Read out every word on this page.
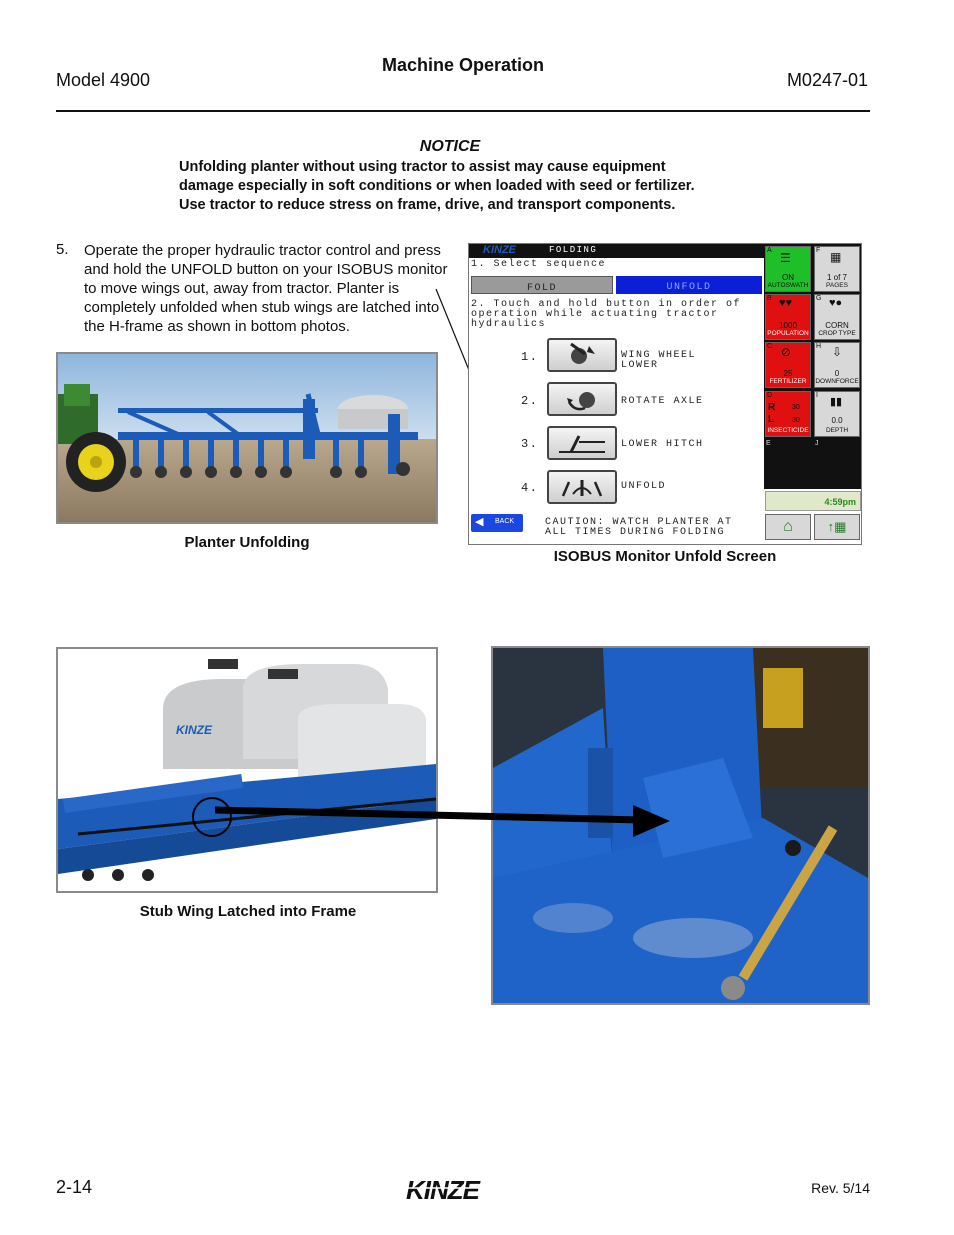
Model 4900
Machine Operation
M0247-01
NOTICE
Unfolding planter without using tractor to assist may cause equipment damage especially in soft conditions or when loaded with seed or fertilizer. Use tractor to reduce stress on frame, drive, and transport components.
5. Operate the proper hydraulic tractor control and press and hold the UNFOLD button on your ISOBUS monitor to move wings out, away from tractor. Planter is completely unfolded when stub wings are latched into the H-frame as shown in bottom photos.
Planter Unfolding
KINZE	FOLDING
1. Select sequence
FOLD	UNFOLD
2. Touch and hold button in order of
operation while actuating tractor
hydraulics
1.	WING WHEEL
LOWER
2.	ROTATE AXLE
3.	LOWER HITCH
4.	UNFOLD
◀ BACK	CAUTION: WATCH PLANTER AT
ALL TIMES DURING FOLDING
A
☰
ON
AUTOSWATH
F ▦
1 of 7
PAGES
B ♥♥
1000
POPULATION
G ♥●
CORN
CROP TYPE
C ⊘
25
FERTILIZER
H ⇩
0
DOWNFORCE
D
R 30
L	30
INSECTICIDE
I
▮▮
0.0
DEPTH
E	J
4:59pm
⌂	↑▦
ISOBUS Monitor Unfold Screen
KINZE
Stub Wing Latched into Frame
2-14	KINZE	Rev. 5/14
